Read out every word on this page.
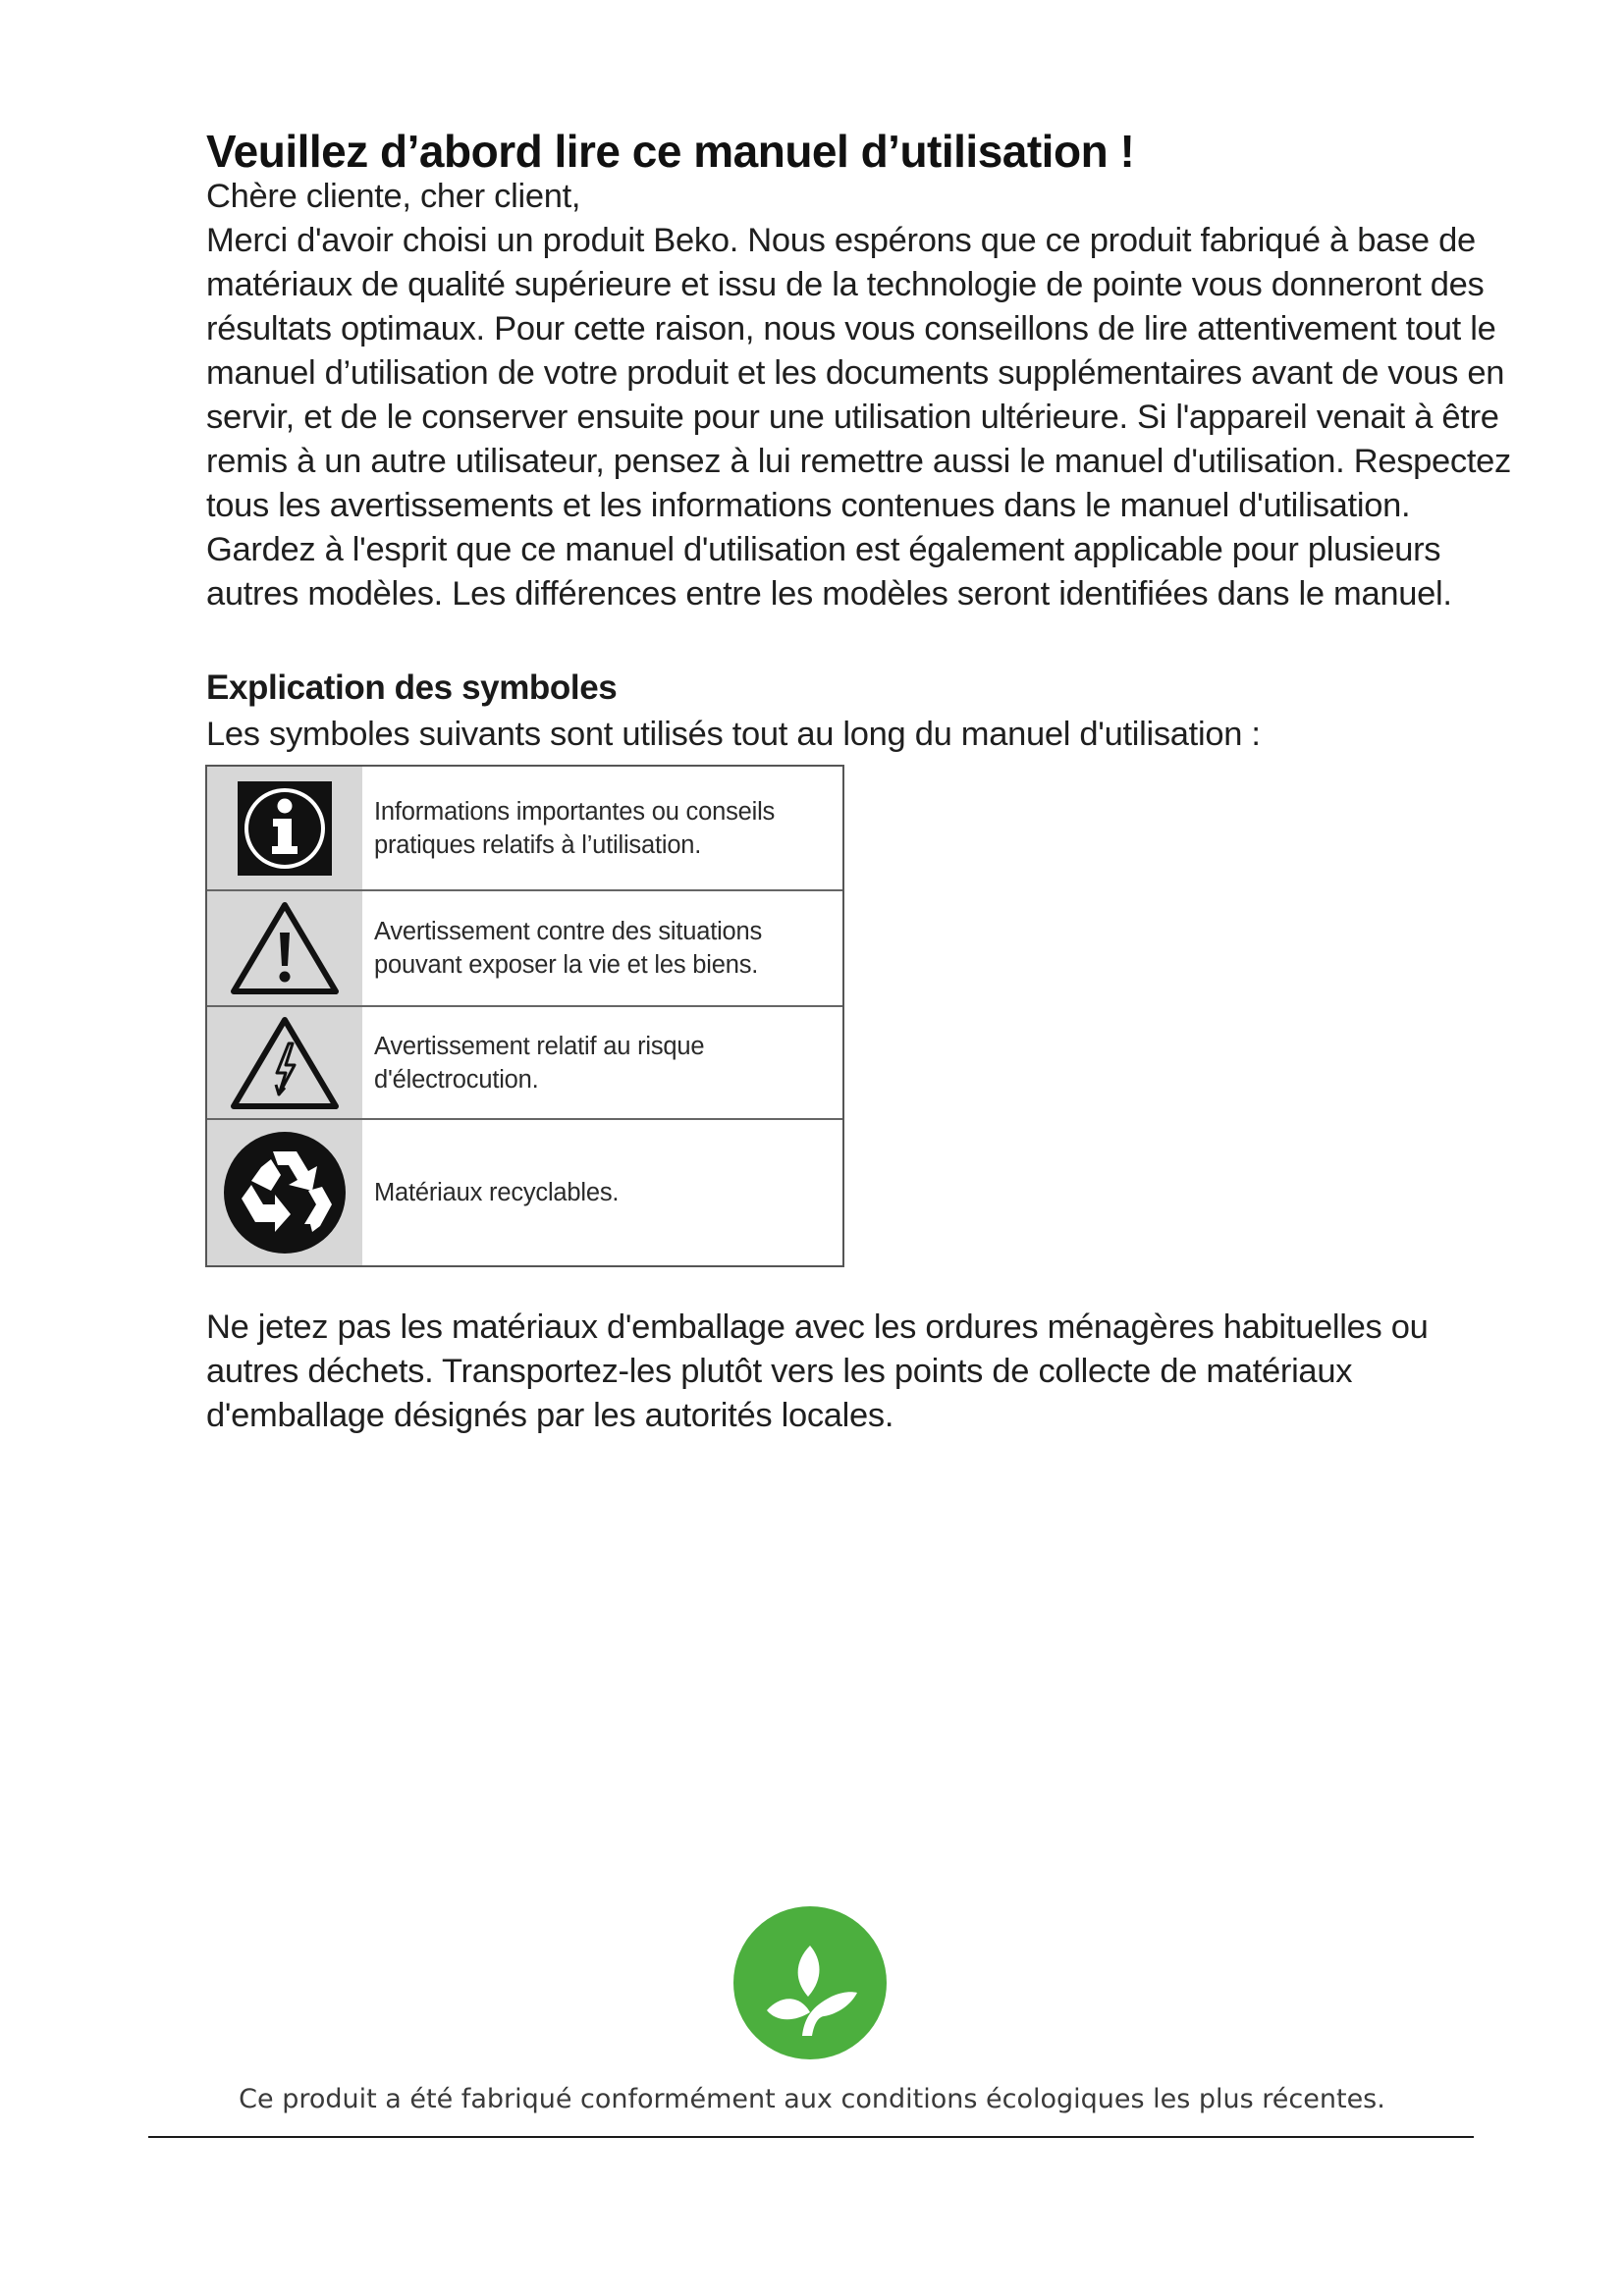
Veuillez d’abord lire ce manuel d’utilisation !

Chère cliente, cher client,

Merci d'avoir choisi un produit Beko. Nous espérons que ce produit fabriqué à base de matériaux de qualité supérieure et issu de la technologie de pointe vous donneront des résultats optimaux. Pour cette raison, nous vous conseillons de lire attentivement tout le manuel d’utilisation de votre produit et les documents supplémentaires avant de vous en servir, et de le conserver ensuite pour une utilisation ultérieure. Si l'appareil venait à être remis à un autre utilisateur, pensez à lui remettre aussi le manuel d'utilisation. Respectez tous les avertissements et les informations contenues dans le manuel d'utilisation. Gardez à l'esprit que ce manuel d'utilisation est également applicable pour plusieurs autres modèles. Les différences entre les modèles seront identifiées dans le manuel.

Explication des symboles

Les symboles suivants sont utilisés tout au long du manuel d'utilisation :

Informations importantes ou conseils pratiques relatifs à l’utilisation.
Avertissement contre des situations pouvant exposer la vie et les biens.
Avertissement relatif au risque d'électrocution.
Matériaux recyclables.

Ne jetez pas les matériaux d'emballage avec les ordures ménagères habituelles ou autres déchets. Transportez-les plutôt vers les points de collecte de matériaux d'emballage désignés par les autorités locales.

Ce produit a été fabriqué conformément aux conditions écologiques les plus récentes.
